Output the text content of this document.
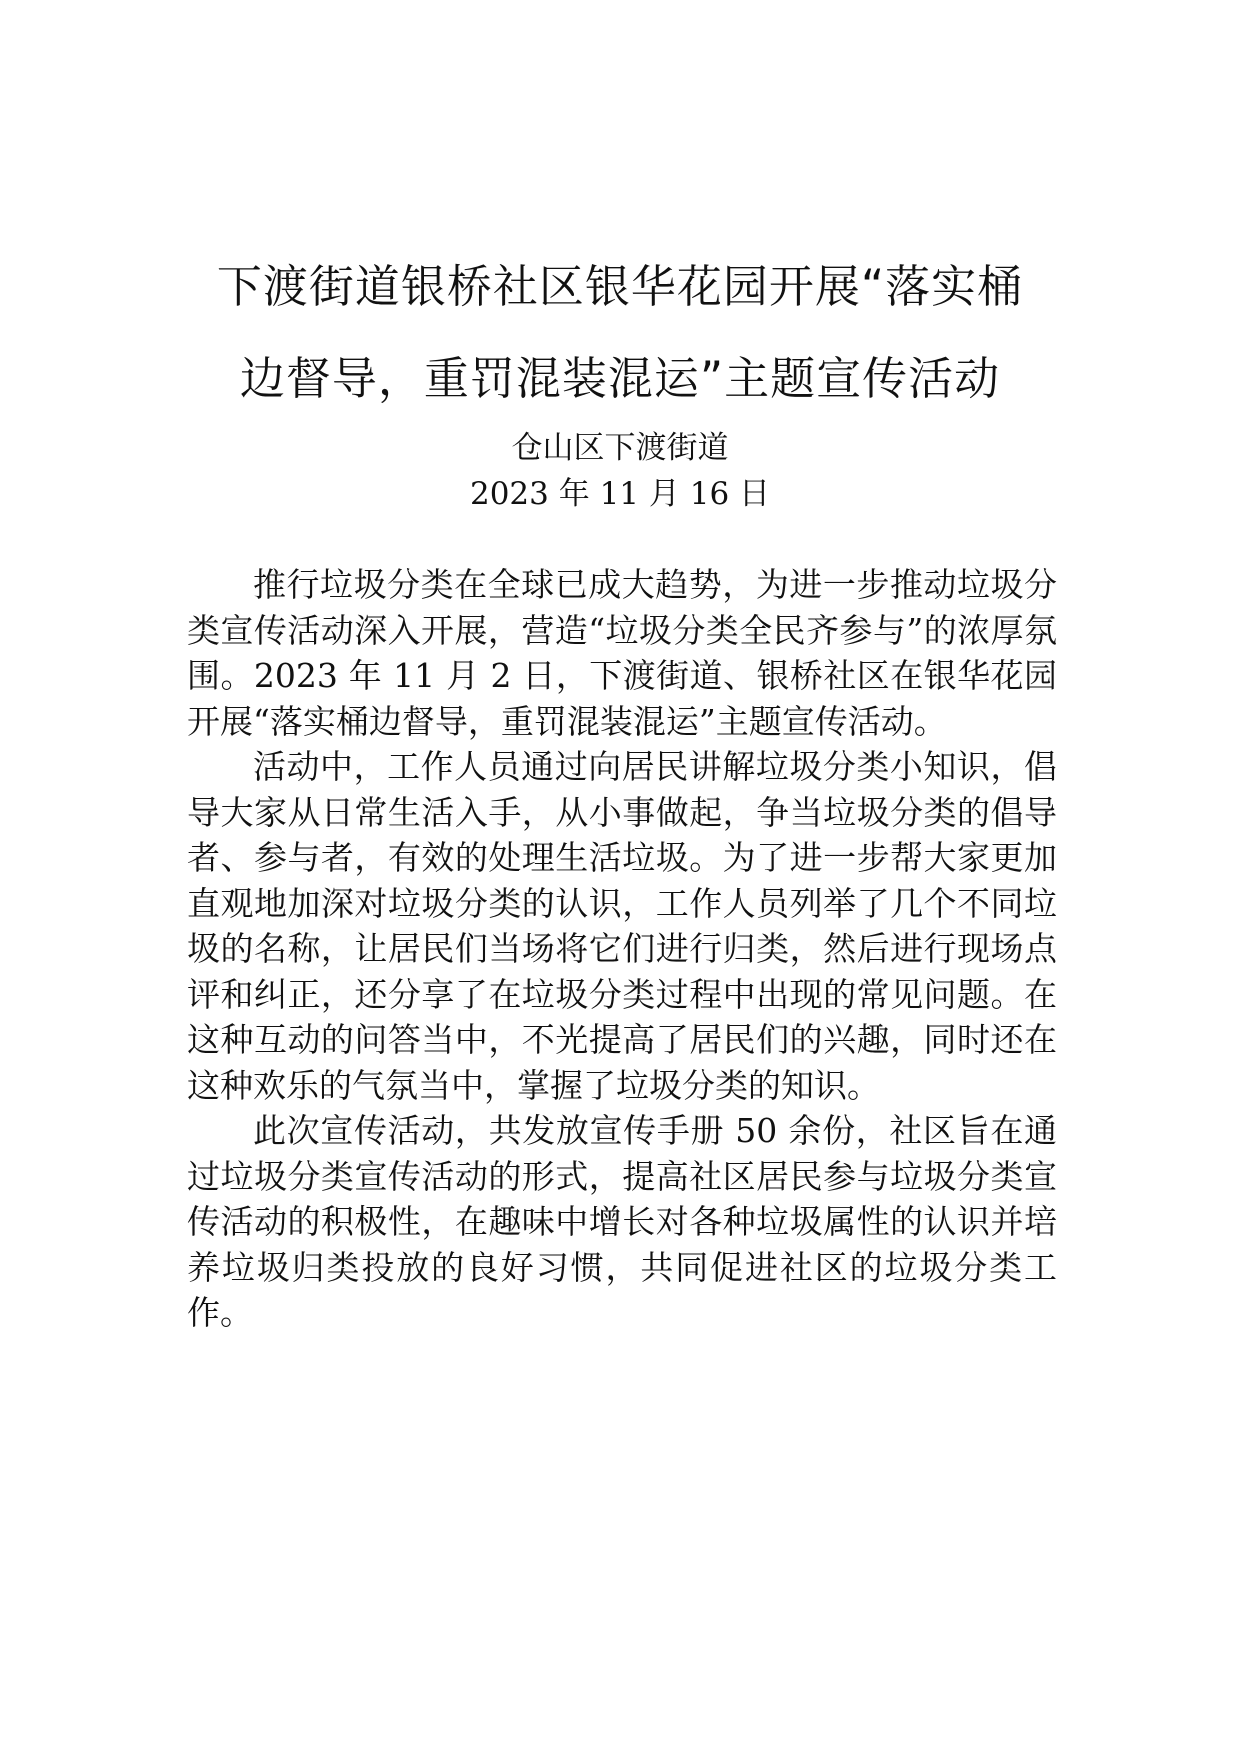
下渡街道银桥社区银华花园开展“落实桶
边督导，重罚混装混运”主题宣传活动
仓山区下渡街道
2023 年 11 月 16 日

推行垃圾分类在全球已成大趋势，为进一步推动垃圾分类宣传活动深入开展，营造“垃圾分类全民齐参与”的浓厚氛围。2023 年 11 月 2 日，下渡街道、银桥社区在银华花园开展“落实桶边督导，重罚混装混运”主题宣传活动。

活动中，工作人员通过向居民讲解垃圾分类小知识，倡导大家从日常生活入手，从小事做起，争当垃圾分类的倡导者、参与者，有效的处理生活垃圾。为了进一步帮大家更加直观地加深对垃圾分类的认识，工作人员列举了几个不同垃圾的名称，让居民们当场将它们进行归类，然后进行现场点评和纠正，还分享了在垃圾分类过程中出现的常见问题。在这种互动的问答当中，不光提高了居民们的兴趣，同时还在这种欢乐的气氛当中，掌握了垃圾分类的知识。

此次宣传活动，共发放宣传手册 50 余份，社区旨在通过垃圾分类宣传活动的形式，提高社区居民参与垃圾分类宣传活动的积极性，在趣味中增长对各种垃圾属性的认识并培养垃圾归类投放的良好习惯，共同促进社区的垃圾分类工作。
